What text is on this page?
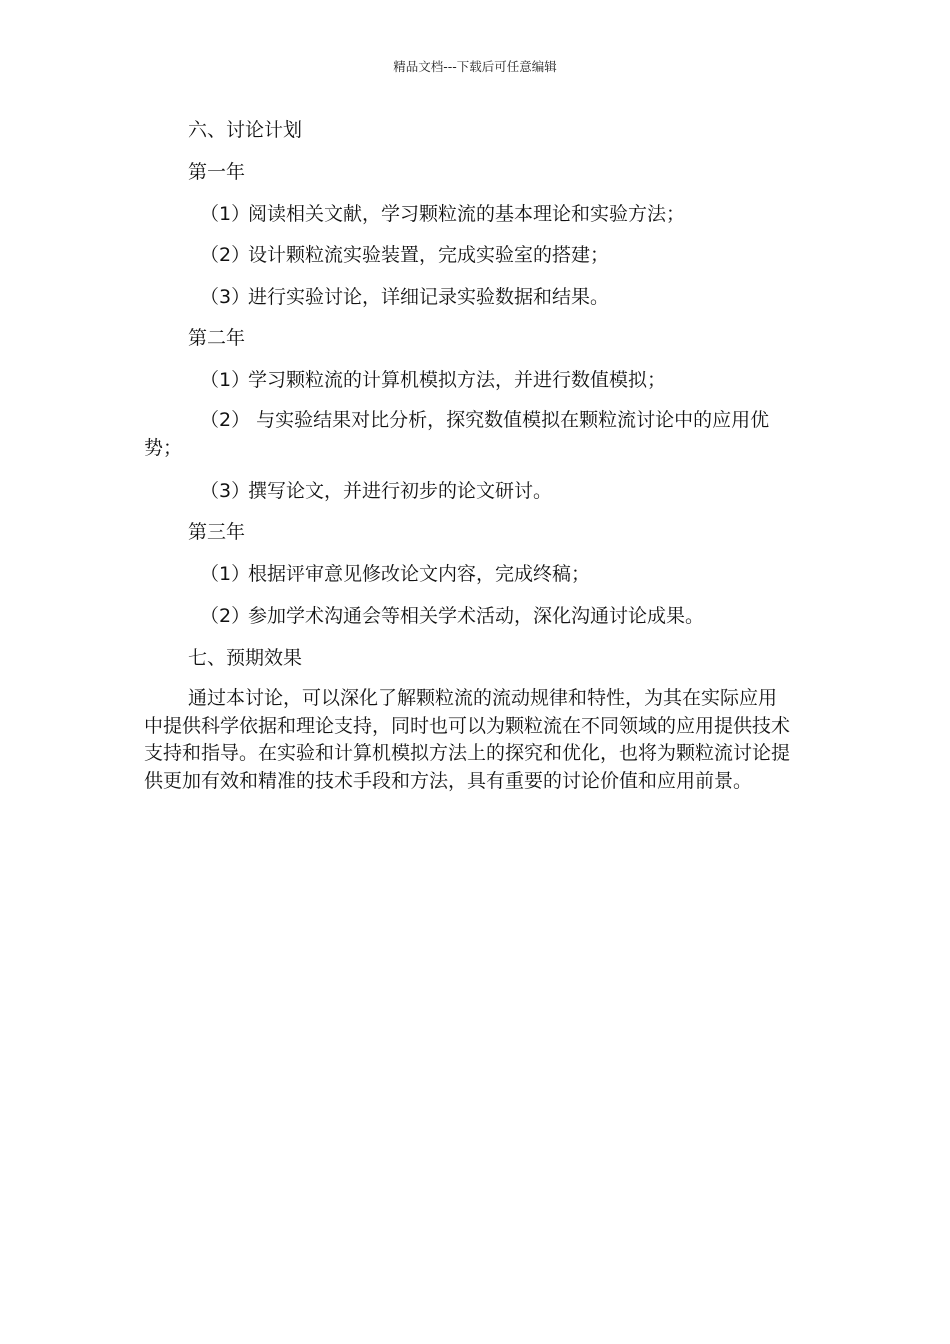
精品文档---下载后可任意编辑
六、讨论计划
第一年
（1）阅读相关文献，学习颗粒流的基本理论和实验方法；
（2）设计颗粒流实验装置，完成实验室的搭建；
（3）进行实验讨论，详细记录实验数据和结果。
第二年
（1）学习颗粒流的计算机模拟方法，并进行数值模拟；

（2） 与实验结果对比分析，探究数值模拟在颗粒流讨论中的应用优势；

（3）撰写论文，并进行初步的论文研讨。
第三年
（1）根据评审意见修改论文内容，完成终稿；
（2）参加学术沟通会等相关学术活动，深化沟通讨论成果。
七、预期效果

通过本讨论，可以深化了解颗粒流的流动规律和特性，为其在实际应用中提供科学依据和理论支持，同时也可以为颗粒流在不同领域的应用提供技术支持和指导。在实验和计算机模拟方法上的探究和优化，也将为颗粒流讨论提供更加有效和精准的技术手段和方法，具有重要的讨论价值和应用前景。
